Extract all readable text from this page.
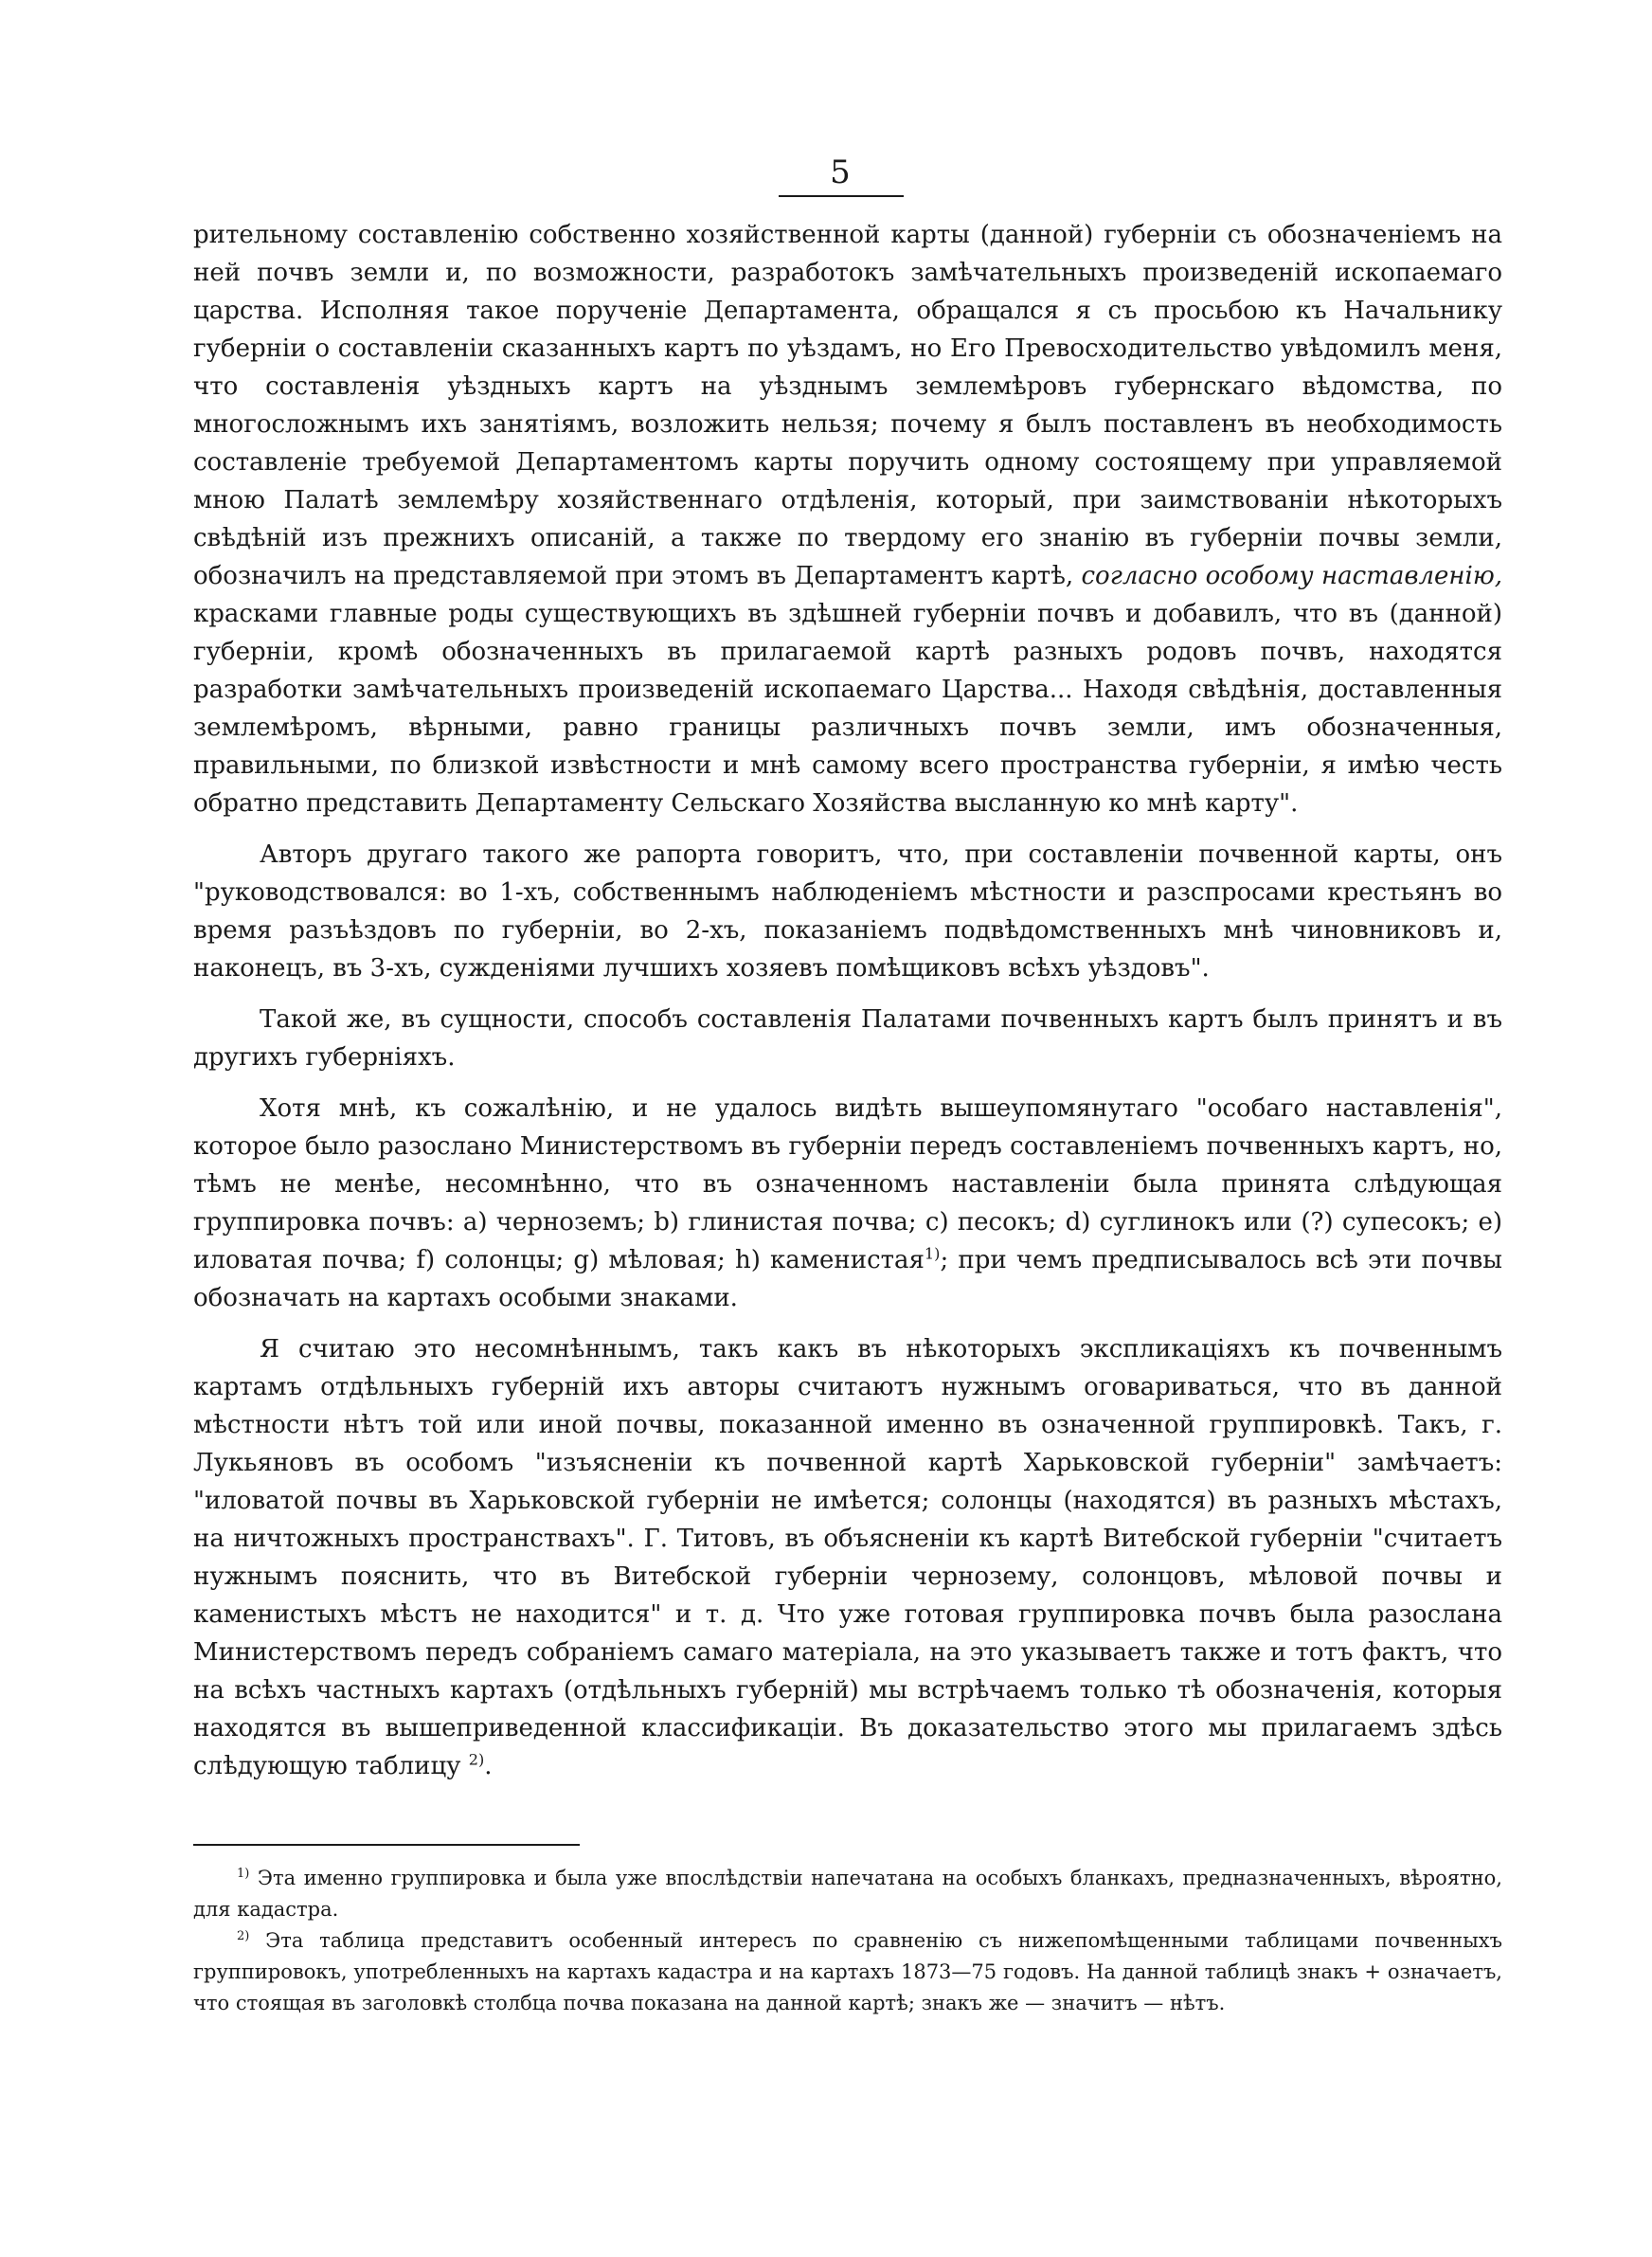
5

рительному составленію собственно хозяйственной карты (данной) губерніи съ обозначеніемъ на ней почвъ земли и, по возможности, разработокъ замѣчательныхъ произведеній ископаемаго царства. Исполняя такое порученіе Департамента, обращался я съ просьбою къ Начальнику губерніи о составленіи сказанныхъ картъ по уѣздамъ, но Его Превосходительство увѣдомилъ меня, что составленія уѣздныхъ картъ на уѣзднымъ землемѣровъ губернскаго вѣдомства, по многосложнымъ ихъ занятіямъ, возложить нельзя; почему я былъ поставленъ въ необходимость составленіе требуемой Департаментомъ карты поручить одному состоящему при управляемой мною Палатѣ землемѣру хозяйственнаго отдѣленія, который, при заимствованіи нѣкоторыхъ свѣдѣній изъ прежнихъ описаній, а также по твердому его знанію въ губерніи почвы земли, обозначилъ на представляемой при этомъ въ Департаментъ картѣ, согласно особому наставленію, красками главные роды существующихъ въ здѣшней губерніи почвъ и добавилъ, что въ (данной) губерніи, кромѣ обозначенныхъ въ прилагаемой картѣ разныхъ родовъ почвъ, находятся разработки замѣчательныхъ произведеній ископаемаго Царства... Находя свѣдѣнія, доставленныя землемѣромъ, вѣрными, равно границы различныхъ почвъ земли, имъ обозначенныя, правильными, по близкой извѣстности и мнѣ самому всего пространства губерніи, я имѣю честь обратно представить Департаменту Сельскаго Хозяйства высланную ко мнѣ карту".

Авторъ другаго такого же рапорта говоритъ, что, при составленіи почвенной карты, онъ "руководствовался: во 1-хъ, собственнымъ наблюденіемъ мѣстности и разспросами крестьянъ во время разъѣздовъ по губерніи, во 2-хъ, показаніемъ подвѣдомственныхъ мнѣ чиновниковъ и, наконецъ, въ 3-хъ, сужденіями лучшихъ хозяевъ помѣщиковъ всѣхъ уѣздовъ".

Такой же, въ сущности, способъ составленія Палатами почвенныхъ картъ былъ принятъ и въ другихъ губерніяхъ.

Хотя мнѣ, къ сожалѣнію, и не удалось видѣть вышеупомянутаго "особаго наставленія", которое было разослано Министерствомъ въ губерніи передъ составленіемъ почвенныхъ картъ, но, тѣмъ не менѣе, несомнѣнно, что въ означенномъ наставленіи была принята слѣдующая группировка почвъ: a) черноземъ; b) глинистая почва; c) песокъ; d) суглинокъ или (?) супесокъ; e) иловатая почва; f) солонцы; g) мѣловая; h) каменистая$^{1)}$; при чемъ предписывалось всѣ эти почвы обозначать на картахъ особыми знаками.

Я считаю это несомнѣннымъ, такъ какъ въ нѣкоторыхъ экспликаціяхъ къ почвеннымъ картамъ отдѣльныхъ губерній ихъ авторы считаютъ нужнымъ оговариваться, что въ данной мѣстности нѣтъ той или иной почвы, показанной именно въ означенной группировкѣ. Такъ, г. Лукьяновъ въ особомъ "изъясненіи къ почвенной картѣ Харьковской губерніи" замѣчаетъ: "иловатой почвы въ Харьковской губерніи не имѣется; солонцы (находятся) въ разныхъ мѣстахъ, на ничтожныхъ пространствахъ". Г. Титовъ, въ объясненіи къ картѣ Витебской губерніи "считаетъ нужнымъ пояснить, что въ Витебской губерніи чернозему, солонцовъ, мѣловой почвы и каменистыхъ мѣстъ не находится" и т. д. Что уже готовая группировка почвъ была разослана Министерствомъ передъ собраніемъ самаго матеріала, на это указываетъ также и тотъ фактъ, что на всѣхъ частныхъ картахъ (отдѣльныхъ губерній) мы встрѣчаемъ только тѣ обозначенія, которыя находятся въ вышеприведенной классификаціи. Въ доказательство этого мы прилагаемъ здѣсь слѣдующую таблицу $^{2)}$.

$^{1)}$ Эта именно группировка и была уже впослѣдствіи напечатана на особыхъ бланкахъ, предназначенныхъ, вѣроятно, для кадастра.

$^{2)}$ Эта таблица представитъ особенный интересъ по сравненію съ нижепомѣщенными таблицами почвенныхъ группировокъ, употребленныхъ на картахъ кадастра и на картахъ 1873—75 годовъ. На данной таблицѣ знакъ + означаетъ, что стоящая въ заголовкѣ столбца почва показана на данной картѣ; знакъ же — значитъ — нѣтъ.
